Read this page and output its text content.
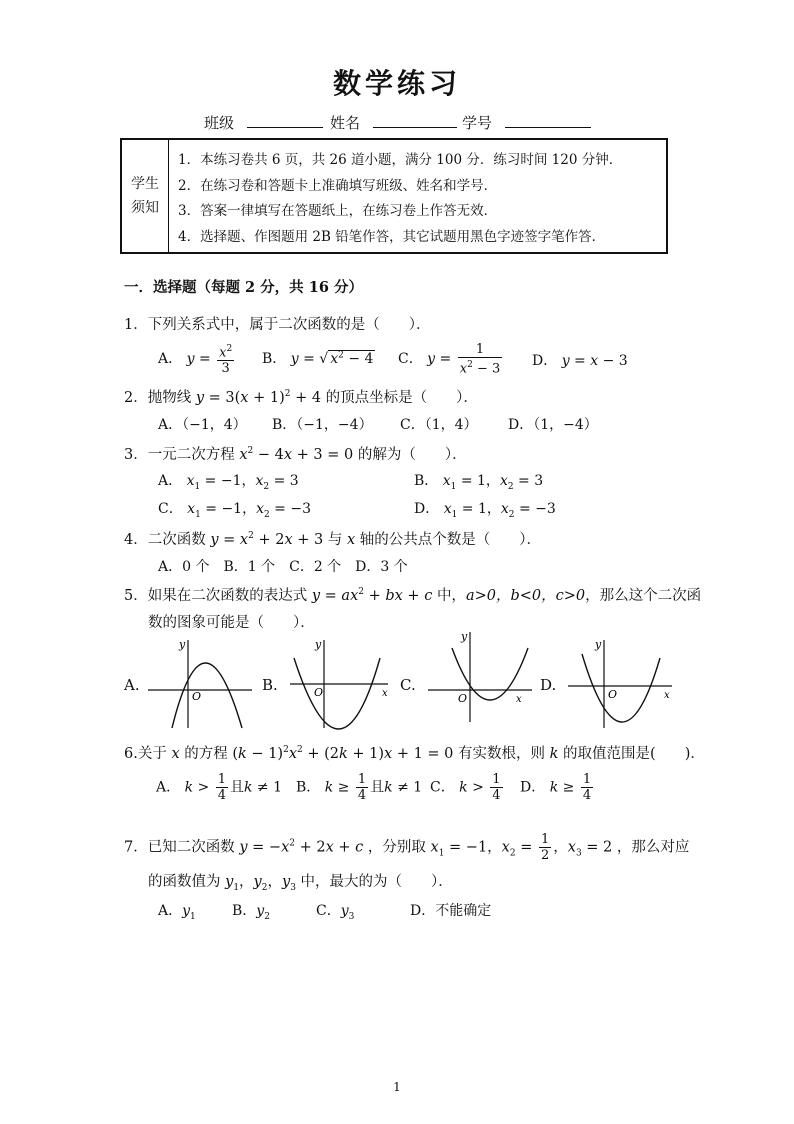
数学练习
班级	姓名	学号
学生
须知
1．本练习卷共 6 页，共 26 道小题，满分 100 分．练习时间 120 分钟．
2．在练习卷和答题卡上准确填写班级、姓名和学号．
3．答案一律填写在答题纸上，在练习卷上作答无效．
4．选择题、作图题用 2B 铅笔作答，其它试题用黑色字迹签字笔作答．
一．选择题（每题 2 分，共 16 分）
1．下列关系式中，属于二次函数的是（　　）．
A． $y = \frac{x^2}{3}$ B． y = √ $x^2 - 4$ C． $y = \frac{1}{x^2 - 3}$ D． y = x − 3
2．抛物线 $y = 3(x + 1)^2 + 4$ 的顶点坐标是（　　）．
A．（−1，4） B．（−1，−4） C．（1，4） D．（1，−4）
3．一元二次方程 $x^2 - 4x + 3 = 0$ 的解为（　　）．
A． $x_1 = -1$，$x_2 = 3$	B． $x_1 = 1$，$x_2 = 3$
C． $x_1 = -1$，$x_2 = -3$	D． $x_1 = 1$，$x_2 = -3$
4．二次函数 $y = x^2 + 2x + 3$ 与 x 轴的公共点个数是（　　）．
A．0 个　B．1 个　C．2 个　D．3 个
5．如果在二次函数的表达式 $y = ax^2$ + bx + c 中，a>0，b<0，c>0，那么这个二次函
数的图象可能是（　　）．
A.	B.	C.	D.
y
O
y
O	x
y
O	x
y
O	x
6.关于 x 的方程 $(k - 1)^2x^2 + (2k + 1)x + 1 = 0$ 有实数根，则 k 的取值范围是(　　)．
A． $k > \frac{1}{4}$ 且k ≠ 1 B． $k \ge \frac{1}{4}$ 且k ≠ 1 C． $k > \frac{1}{4}$ D． $k \ge \frac{1}{4}$
7．已知二次函数 $y = -x^2 + 2x + c$ ，分别取 $x_1 = -1$，$x_2 = \frac{1}{2}$ ，$x_3 = 2$ ，那么对应
的函数值为 $y_1$，$y_2$，$y_3$ 中，最大的为（　　）．
A．$y_1$	B．$y_2$	C．$y_3$	D．不能确定
1
